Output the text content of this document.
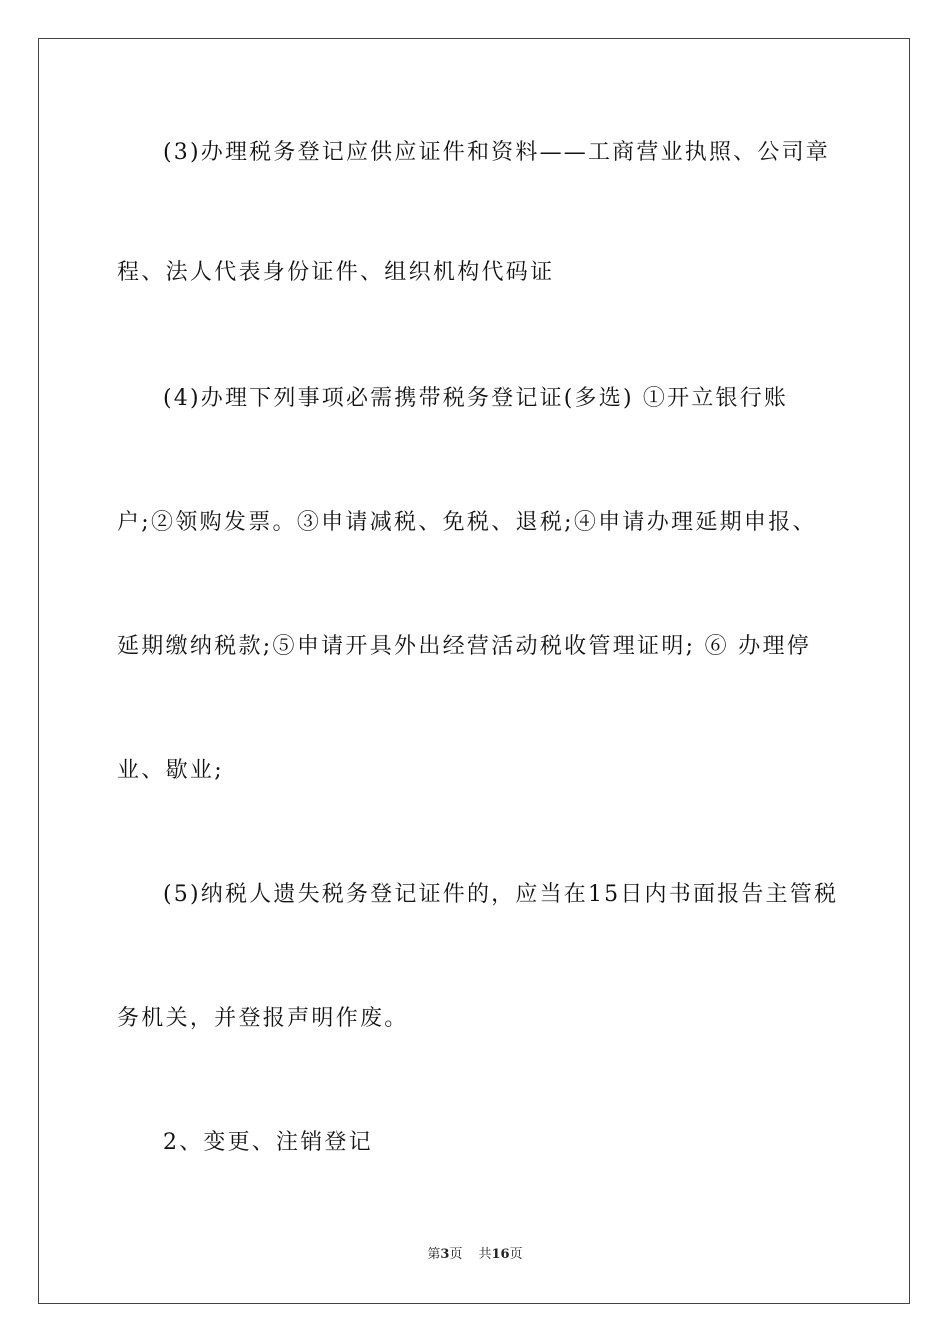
(3)办理税务登记应供应证件和资料——工商营业执照、公司章
程、法人代表身份证件、组织机构代码证
(4)办理下列事项必需携带税务登记证(多选) ①开立银行账
户;②领购发票。③申请减税、免税、退税;④申请办理延期申报、
延期缴纳税款;⑤申请开具外出经营活动税收管理证明; ⑥ 办理停
业、歇业;
(5)纳税人遗失税务登记证件的，应当在15日内书面报告主管税
务机关，并登报声明作废。
2、变更、注销登记
第3页 共16页
